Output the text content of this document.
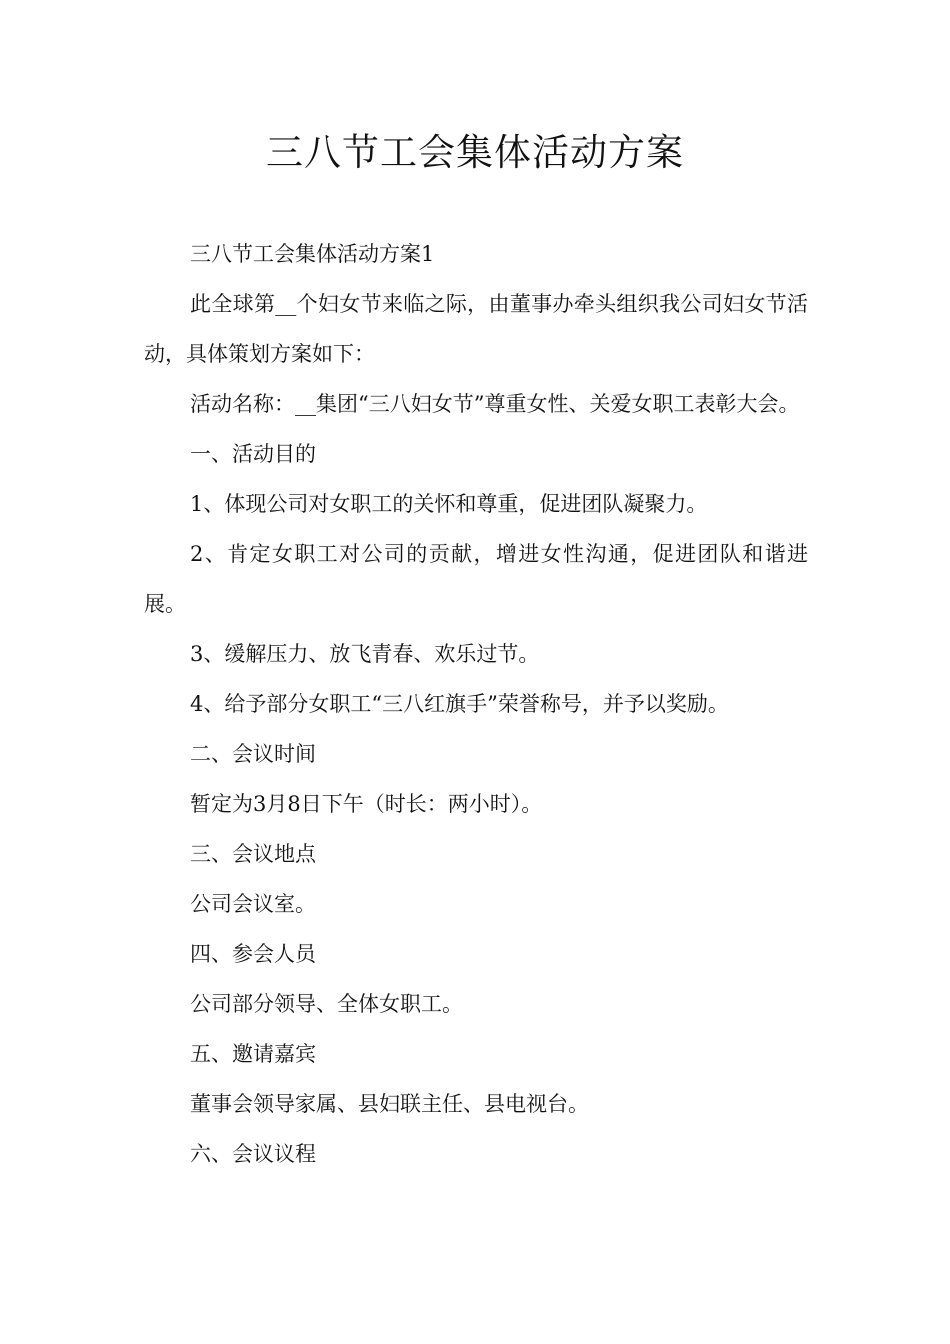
三八节工会集体活动方案

三八节工会集体活动方案1

此全球第__个妇女节来临之际，由董事办牵头组织我公司妇女节活动，具体策划方案如下：

活动名称：__集团“三八妇女节”尊重女性、关爱女职工表彰大会。

一、活动目的

1、体现公司对女职工的关怀和尊重，促进团队凝聚力。

2、肯定女职工对公司的贡献，增进女性沟通，促进团队和谐进展。

3、缓解压力、放飞青春、欢乐过节。

4、给予部分女职工“三八红旗手”荣誉称号，并予以奖励。

二、会议时间

暂定为3月8日下午（时长：两小时）。

三、会议地点

公司会议室。

四、参会人员

公司部分领导、全体女职工。

五、邀请嘉宾

董事会领导家属、县妇联主任、县电视台。

六、会议议程
